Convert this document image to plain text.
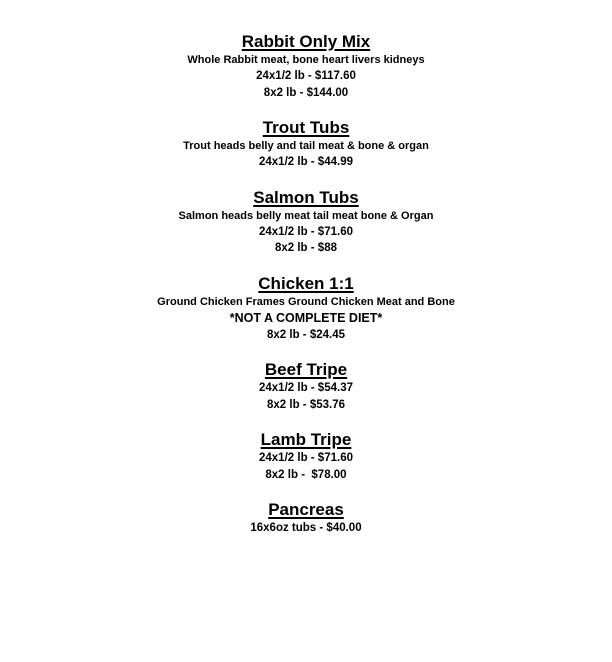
Rabbit Only Mix

Whole Rabbit meat, bone heart livers kidneys

24x1/2 lb - $117.60

8x2 lb - $144.00

Trout Tubs

Trout heads belly and tail meat & bone & organ

24x1/2 lb - $44.99

Salmon Tubs

Salmon heads belly meat tail meat bone & Organ

24x1/2 lb - $71.60

8x2 lb - $88

Chicken 1:1

Ground Chicken Frames Ground Chicken Meat and Bone

*NOT A COMPLETE DIET*

8x2 lb - $24.45

Beef Tripe

24x1/2 lb - $54.37

8x2 lb - $53.76

Lamb Tripe

24x1/2 lb - $71.60

8x2 lb -  $78.00

Pancreas

16x6oz tubs - $40.00
